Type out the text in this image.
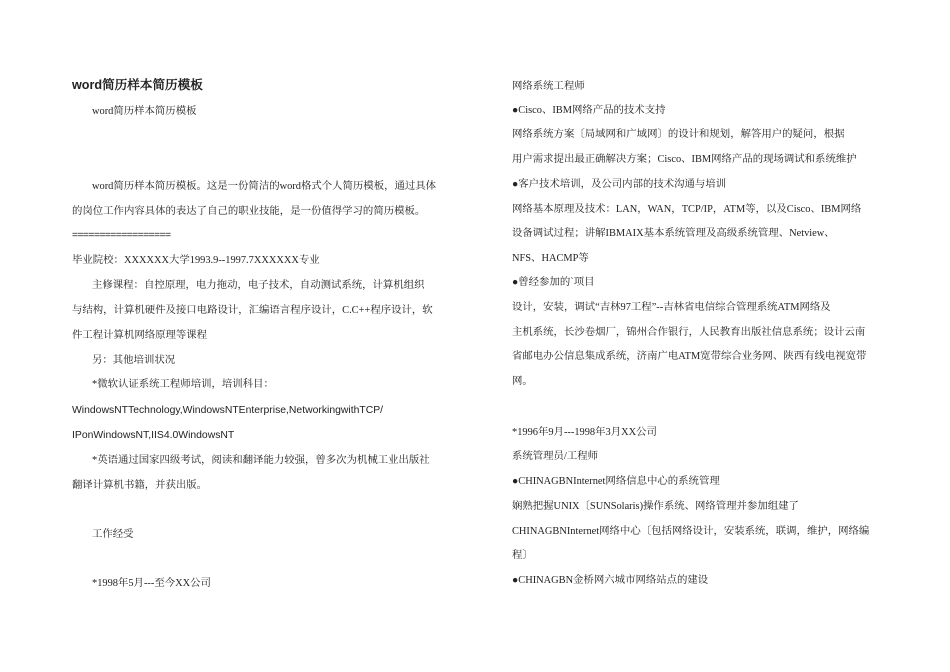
word简历样本简历模板
word简历样本简历模板
word简历样本简历模板。这是一份简洁的word格式个人简历模板，通过具体
的岗位工作内容具体的表达了自己的职业技能，是一份值得学习的简历模板。
==================
毕业院校：XXXXXX大学1993.9--1997.7XXXXXX专业
主修课程：自控原理，电力拖动，电子技术，自动测试系统，计算机组织
与结构，计算机硬件及接口电路设计，汇编语言程序设计，C.C++程序设计，软
件工程计算机网络原理等课程
另：其他培训状况
*微软认证系统工程师培训，培训科目：
WindowsNTTechnology,WindowsNTEnterprise,NetworkingwithTCP/
IPonWindowsNT,IIS4.0WindowsNT
*英语通过国家四级考试，阅读和翻译能力较强，曾多次为机械工业出版社
翻译计算机书籍，并获出版。
工作经受
*1998年5月---至今XX公司
网络系统工程师
●Cisco、IBM网络产品的技术支持
网络系统方案〔局域网和广域网〕的设计和规划，解答用户的疑问，根据
用户需求提出最正确解决方案；Cisco、IBM网络产品的现场调试和系统维护
●客户技术培训，及公司内部的技术沟通与培训
网络基本原理及技术：LAN，WAN，TCP/IP，ATM等，以及Cisco、IBM网络
设备调试过程；讲解IBMAIX基本系统管理及高级系统管理、Netview、
NFS、HACMP等
●曾经参加的`项目
设计，安装，调试“吉林97工程”--吉林省电信综合管理系统ATM网络及
主机系统，长沙卷烟厂，锦州合作银行，人民教育出版社信息系统；设计云南
省邮电办公信息集成系统，济南广电ATM宽带综合业务网、陕西有线电视宽带
网。
*1996年9月---1998年3月XX公司
系统管理员/工程师
●CHINAGBNInternet网络信息中心的系统管理
娴熟把握UNIX〔SUNSolaris)操作系统、网络管理并参加组建了
CHINAGBNInternet网络中心〔包括网络设计，安装系统，联调，维护，网络编
程〕
●CHINAGBN金桥网六城市网络站点的建设
